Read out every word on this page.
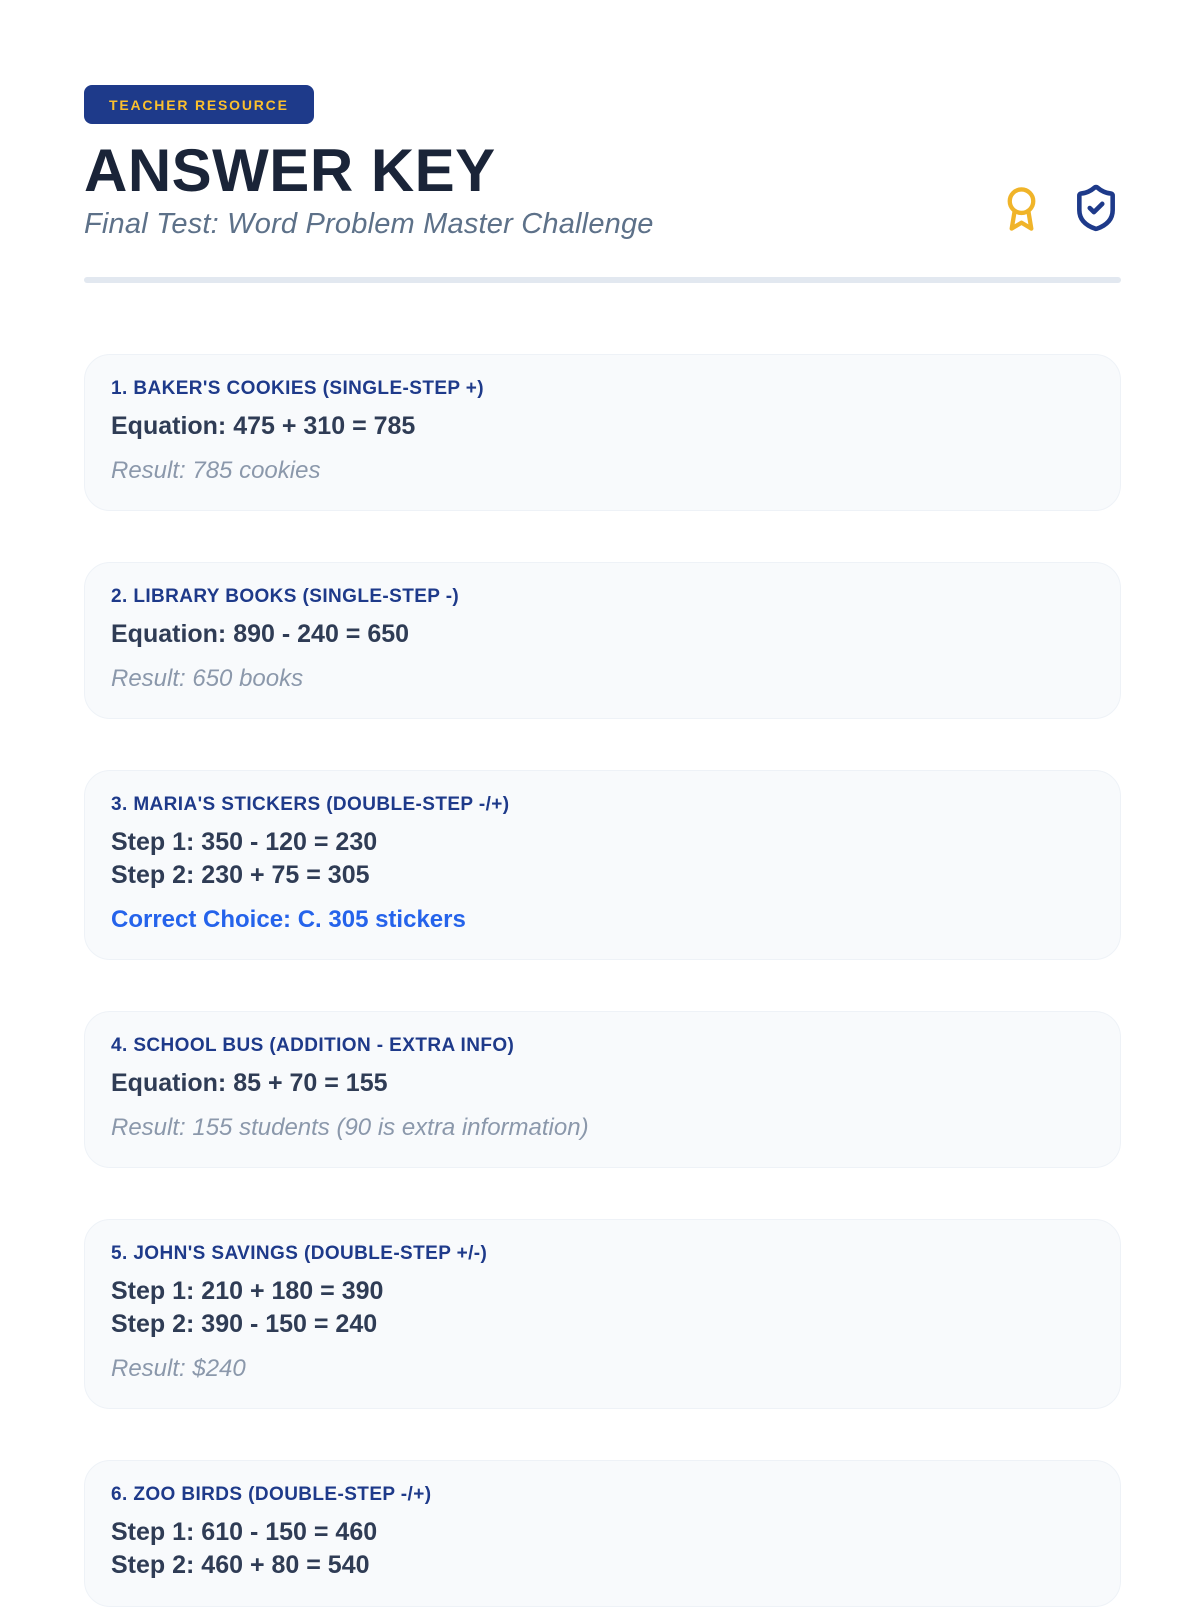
TEACHER RESOURCE
ANSWER KEY
Final Test: Word Problem Master Challenge
1. BAKER'S COOKIES (SINGLE-STEP +)
Equation: 475 + 310 = 785
Result: 785 cookies
2. LIBRARY BOOKS (SINGLE-STEP -)
Equation: 890 - 240 = 650
Result: 650 books
3. MARIA'S STICKERS (DOUBLE-STEP -/+)
Step 1: 350 - 120 = 230
Step 2: 230 + 75 = 305
Correct Choice: C. 305 stickers
4. SCHOOL BUS (ADDITION - EXTRA INFO)
Equation: 85 + 70 = 155
Result: 155 students (90 is extra information)
5. JOHN'S SAVINGS (DOUBLE-STEP +/-)
Step 1: 210 + 180 = 390
Step 2: 390 - 150 = 240
Result: $240
6. ZOO BIRDS (DOUBLE-STEP -/+)
Step 1: 610 - 150 = 460
Step 2: 460 + 80 = 540
